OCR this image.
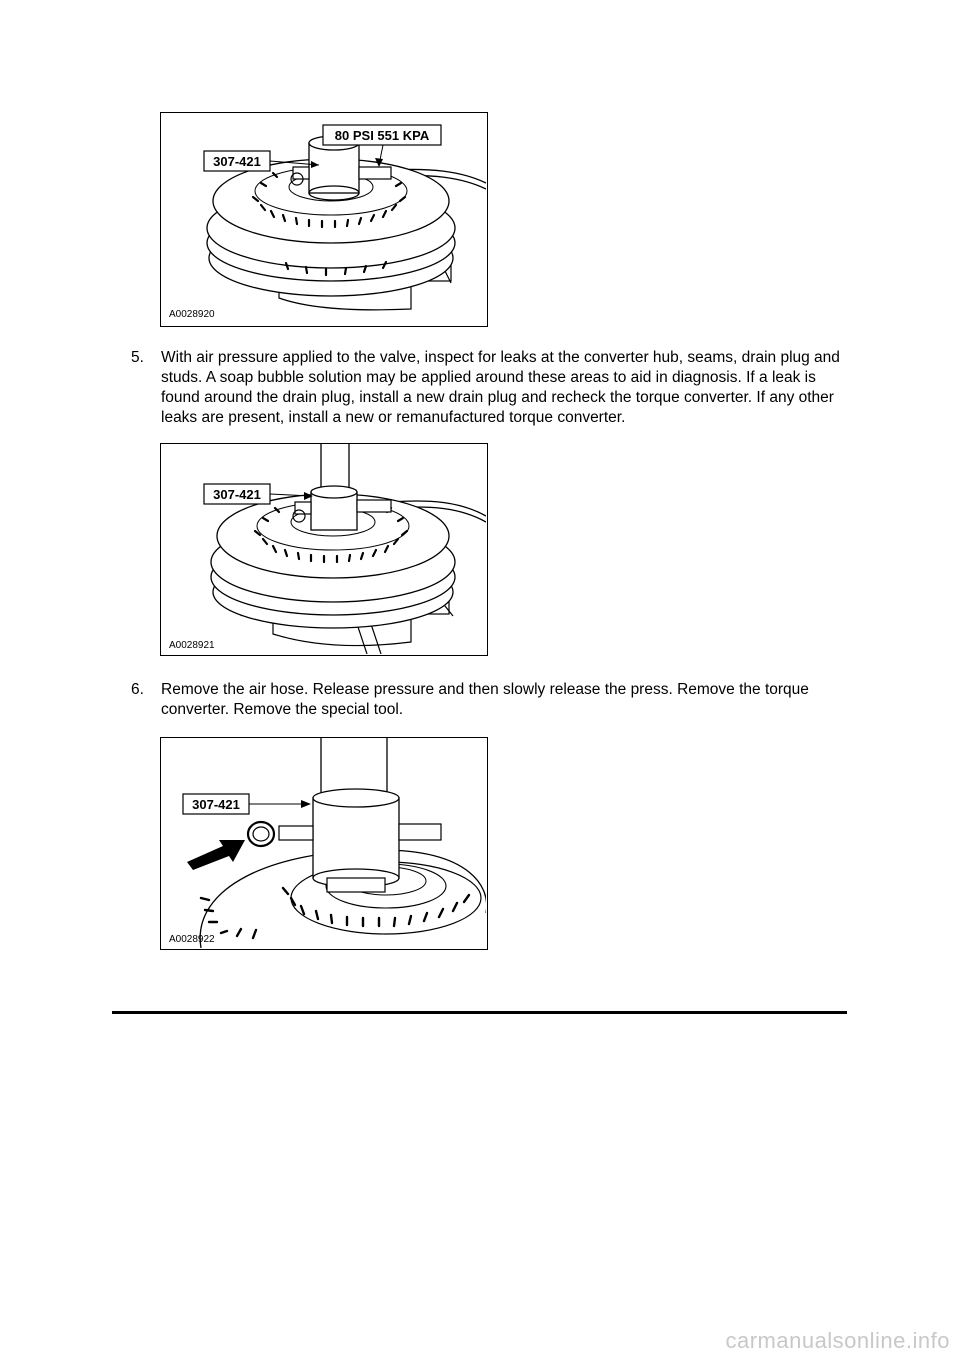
307-421
80 PSI 551 KPA
A0028920
5. With air pressure applied to the valve, inspect for leaks at the converter hub, seams, drain plug and studs. A soap bubble solution may be applied around these areas to aid in diagnosis. If a leak is found around the drain plug, install a new drain plug and recheck the torque converter. If any other leaks are present, install a new or remanufactured torque converter.
307-421
A0028921
6. Remove the air hose. Release pressure and then slowly release the press. Remove the torque converter. Remove the special tool.
307-421
A0028922
carmanualsonline.info
